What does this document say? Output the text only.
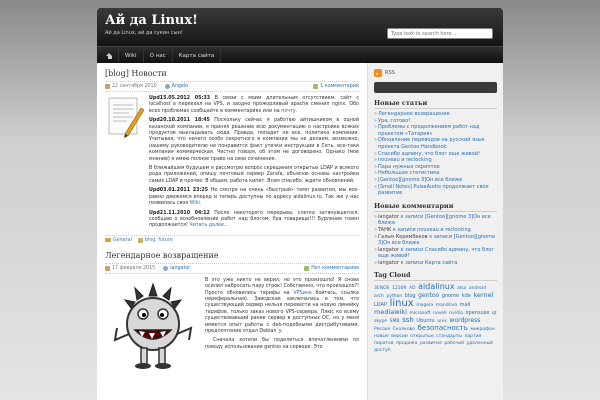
Ай да Linux!
Ай да Linux, ай да сукин сын!
Type text to search here...
Wiki	О нас	Карта сайта
[blog] Новости
22 сентября 2010	Angelo	1 комментарий

Upd15.05.2012 05:33 В связи с моим длительным отсутствием, сайт с localhost`а переехал на VPS, и заодно прожорливый apache сменил nginx. Обо всех проблемах сообщайте в комментариях или на почту.

Upd20.10.2011 18:45 Поскольку сейчас я работаю айтишником в одной казанской компании, я принял решение всю документацию о настройке всяких продуктов выкладывать сюда. Правда, попадет не все, политика компании. Учитывая, что ничего особо секретного в компании мы не делаем, возможно, нашему руководителю не понравится факт утечки инструкции в Сеть, все-таки компания коммерческая. Честно говоря, об этом не договорено. Однако (мое мнение) я имею полное право на свои сочинения.

В ближайшем будущем я рассмотрю вопрос скрещения открытых LDAP и всякого рода приложений, опишу почтовый сервер Zarafa, объясню основы настройки самих LDAP и прочее. В общем, работа кипит. Всем спасибо, ждите обновлений.

Upd03.01.2011 23:25 Не смотря на очень «быстрый» темп развития, мы все-равно движемся вперед и теперь доступны по адресу aidalinux.ru. Так же у нас появилась своя Wiki.

Upd21.11.2010 04:12 После некоторого перерыва, слегка затянувшегося, сообщаю о возобновлении работ над блогом. Ура товарищи!!! Бурление говен продолжается! Читать далее...

General	blog, future
Легендарное возвращение
17 февраля 2015	langator	Нет комментариев

В это уже никто не верил, но это произошло! Я снова осилил набросать пару строк! Собственно, что произошло?! Просто обновились тарифы на VPSине бойтесь, ссылка нереферальная). Заводская заключалась в том, что существующий сервер нельзя перевести на новую линейку тарифов, только заказ нового VPS-сервера. Плюс ко всему существовавший ранее сервер в доступных ОС, но у меня имеется опыт работы с deb-подобными дистрибутивами, предпочтение отдал Debian`у.

Сначала хотели бы поделиться впечатлениями по поводу использования gentoo на сервере. Это

RSS
Новые статьи
» Легендарное возвращение
» Ура, готово!
» Проблемы с продолжением работ над проектом «Татария»
» Обновление переводов на русский язык проекта Gentoo Handbook
» Спасибо админу, что блог еще живой!
» nouveau и reclocking
» Пара нужных скриптов
» Небольшая статистика
» [Gentoo][gnome 3]Он все ближе
» [Small Notes] PulseAudio продолжает свое развитие
Новые комментарии
» langator к записи [Gentoo][gnome 3]Он все ближе
» TAHK к записи nouveau и reclocking
» Гальм Керимбеков к записи [Gentoo][gnome 3]Он все ближе
» langator к записи Спасибо админу, что блог еще живой!
» langator к записи Карта сайта
Tag Cloud
3ENOS 12309 AO aidalinux alsa android arch python blog gentoo gnome kde kernel LDAP linux mageia mandriva mail mediawiki microsoft novell nvidia opensuse qt skype SMB ssh Ubuntu unix wordpress Россия Сколково безопасность микрофон новые версии открытые стандарты партия пиратов продажа развитие рабочий удаленный доступ
